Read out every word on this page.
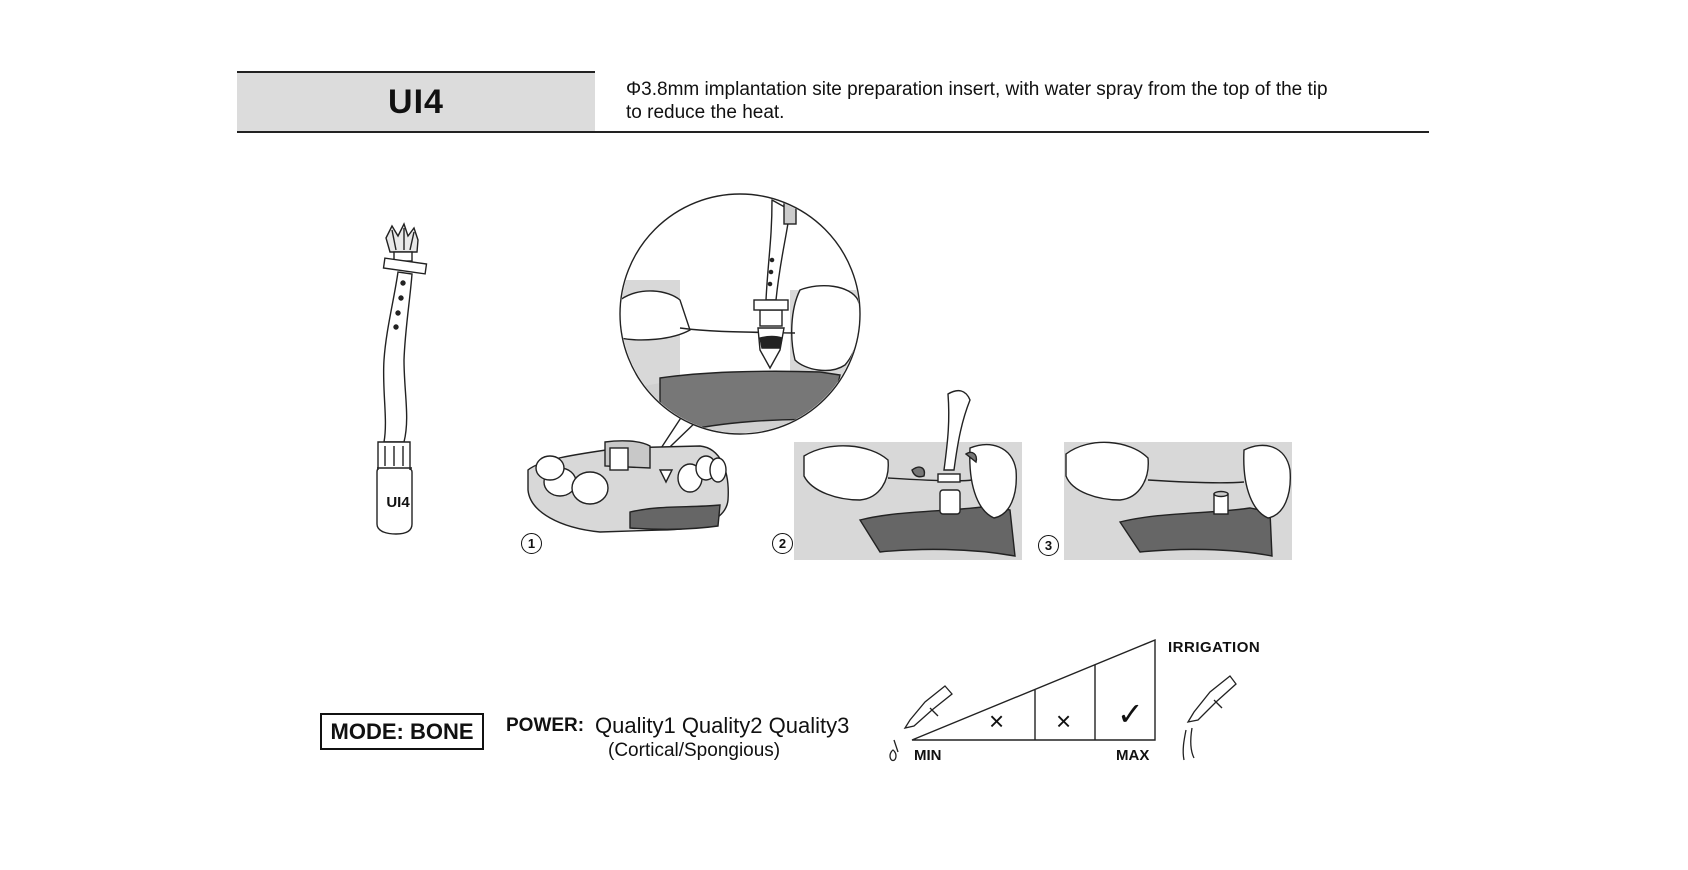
UI4	Φ3.8mm implantation site preparation insert, with water spray from the top of the tip
to reduce the heat.
UI4
1	2	3
MODE: BONE	POWER: Quality1 Quality2 Quality3
(Cortical/Spongious)
IRRIGATION
MIN	MAX
× × ✓
